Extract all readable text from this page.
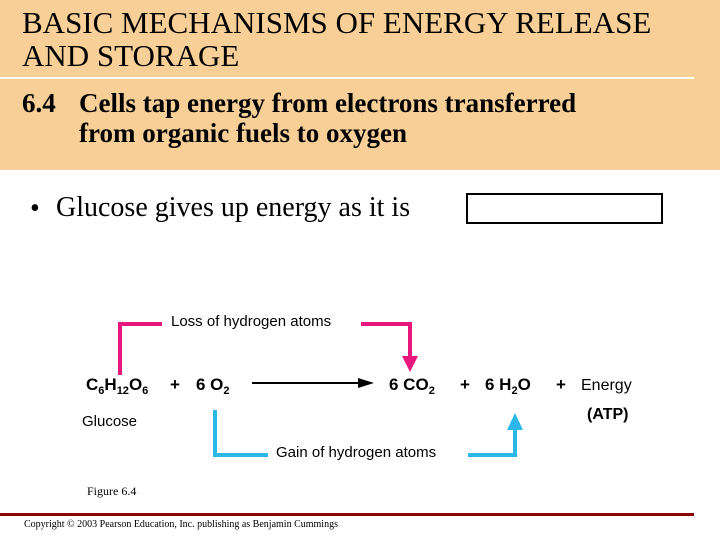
BASIC MECHANISMS OF ENERGY RELEASE
AND STORAGE
6.4 Cells tap energy from electrons transferred
from organic fuels to oxygen
• Glucose gives up energy as it is
Loss of hydrogen atoms
Gain of hydrogen atoms
$C_6H_{12}O_6 + 6$ $O_2$	6 $CO_2 + 6$ $H_2O$ + Energy
(ATP)
Glucose
Figure 6.4
Copyright © 2003 Pearson Education, Inc. publishing as Benjamin Cummings
